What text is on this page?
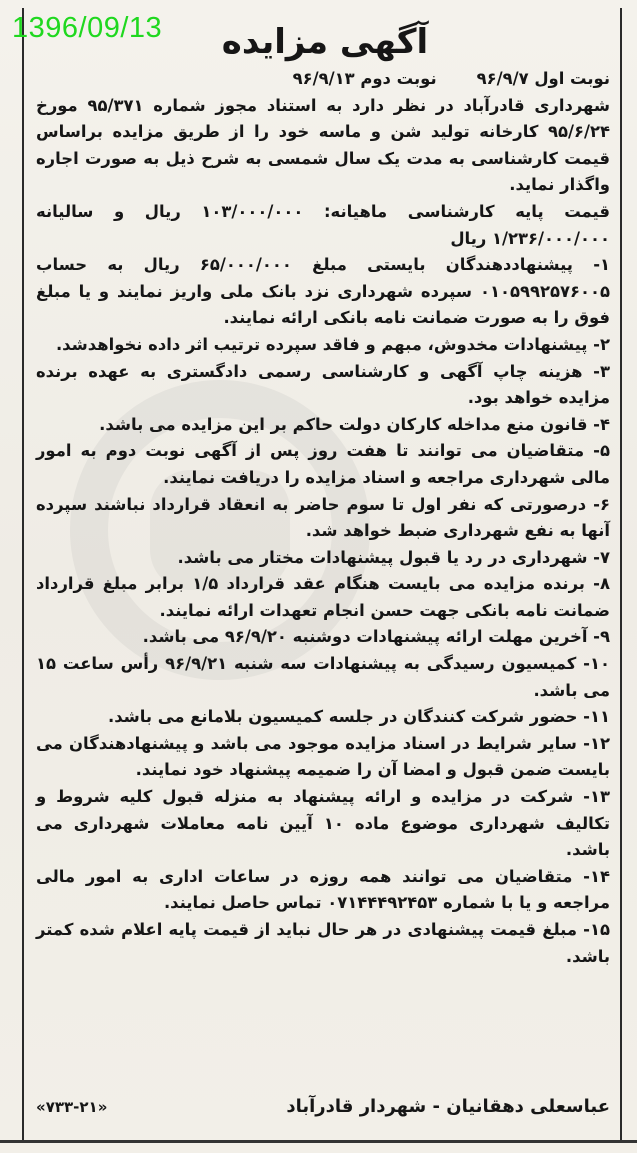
1396/09/13	آگهی مزایده
نوبت اول ۹۶/۹/۷
نوبت دوم ۹۶/۹/۱۳

شهرداری قادرآباد در نظر دارد به استناد مجوز شماره ۹۵/۳۷۱ مورخ ۹۵/۶/۲۴ کارخانه تولید شن و ماسه خود را از طریق مزایده براساس قیمت کارشناسی به مدت یک سال شمسی به شرح ذیل به صورت اجاره واگذار نماید.

قیمت پایه کارشناسی ماهیانه: ۱۰۳/۰۰۰/۰۰۰ ریال و سالیانه ۱/۲۳۶/۰۰۰/۰۰۰ ریال

۱- پیشنهاددهندگان بایستی مبلغ ۶۵/۰۰۰/۰۰۰ ریال به حساب ۰۱۰۵۹۹۲۵۷۶۰۰۵ سپرده شهرداری نزد بانک ملی واریز نمایند و یا مبلغ فوق را به صورت ضمانت نامه بانکی ارائه نمایند.

۲- پیشنهادات مخدوش، مبهم و فاقد سپرده ترتیب اثر داده نخواهدشد.

۳- هزینه چاپ آگهی و کارشناسی رسمی دادگستری به عهده برنده مزایده خواهد بود.

۴- قانون منع مداخله کارکان دولت حاکم بر این مزایده می باشد.

۵- متقاضیان می توانند تا هفت روز پس از آگهی نوبت دوم به امور مالی شهرداری مراجعه و اسناد مزایده را دریافت نمایند.

۶- درصورتی که نفر اول تا سوم حاضر به انعقاد قرارداد نباشند سپرده آنها به نفع شهرداری ضبط خواهد شد.

۷- شهرداری در رد یا قبول پیشنهادات مختار می باشد.

۸- برنده مزایده می بایست هنگام عقد قرارداد ۱/۵ برابر مبلغ قرارداد ضمانت نامه بانکی جهت حسن انجام تعهدات ارائه نمایند.

۹- آخرین مهلت ارائه پیشنهادات دوشنبه ۹۶/۹/۲۰ می باشد.

۱۰- کمیسیون رسیدگی به پیشنهادات سه شنبه ۹۶/۹/۲۱ رأس ساعت ۱۵ می باشد.

۱۱- حضور شرکت کنندگان در جلسه کمیسیون بلامانع می باشد.

۱۲- سایر شرایط در اسناد مزایده موجود می باشد و پیشنهادهندگان می بایست ضمن قبول و امضا آن را ضمیمه پیشنهاد خود نمایند.

۱۳- شرکت در مزایده و ارائه پیشنهاد به منزله قبول کلیه شروط و تکالیف شهرداری موضوع ماده ۱۰ آیین نامه معاملات شهرداری می باشد.

۱۴- متقاضیان می توانند همه روزه در ساعات اداری به امور مالی مراجعه و یا با شماره ۰۷۱۴۴۴۹۲۴۵۳ تماس حاصل نمایند.

۱۵- مبلغ قیمت پیشنهادی در هر حال نباید از قیمت پایه اعلام شده کمتر باشد.

عباسعلی دهقانیان - شهردار قادرآباد
«۷۳۳-۲۱»
